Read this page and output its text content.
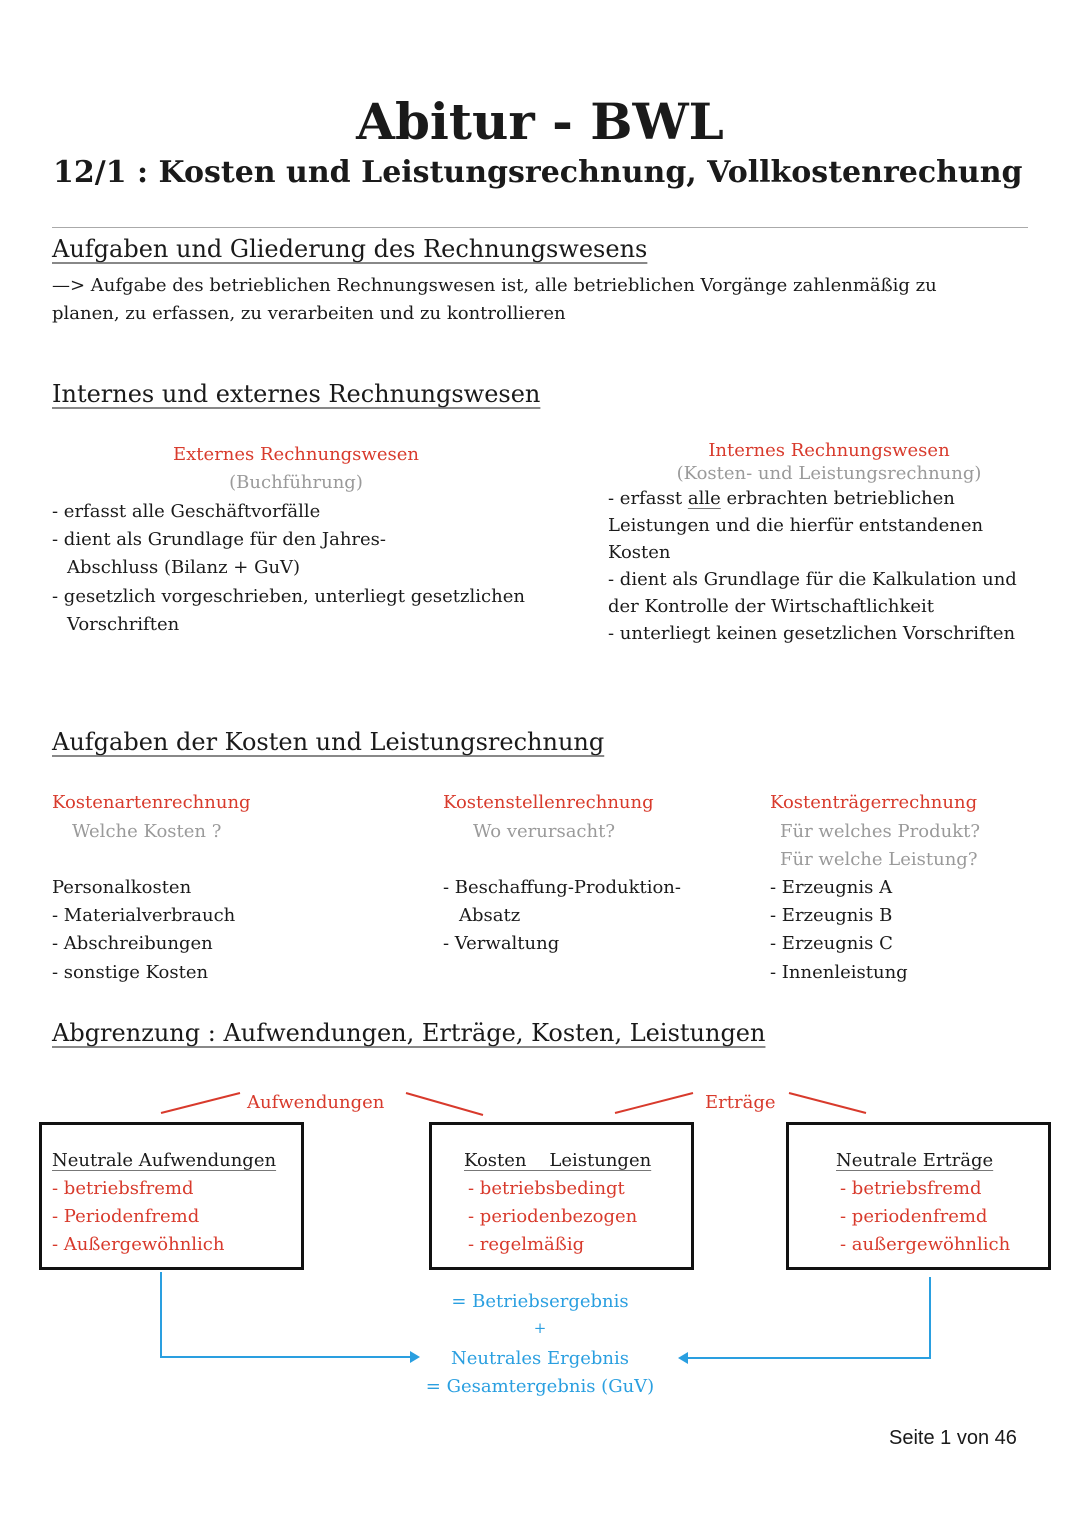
Abitur - BWL
12/1 : Kosten und Leistungsrechnung, Vollkostenrechung
Aufgaben und Gliederung des Rechnungswesens
—> Aufgabe des betrieblichen Rechnungswesen ist, alle betrieblichen Vorgänge zahlenmäßig zu
planen, zu erfassen, zu verarbeiten und zu kontrollieren
Internes und externes Rechnungswesen
Externes Rechnungswesen
(Buchführung)
- erfasst alle Geschäftvorfälle
- dient als Grundlage für den Jahres-
Abschluss (Bilanz + GuV)
- gesetzlich vorgeschrieben, unterliegt gesetzlichen
Vorschriften
Internes Rechnungswesen
(Kosten- und Leistungsrechnung)
- erfasst alle erbrachten betrieblichen
Leistungen und die hierfür entstandenen
Kosten
- dient als Grundlage für die Kalkulation und
der Kontrolle der Wirtschaftlichkeit
- unterliegt keinen gesetzlichen Vorschriften
Aufgaben der Kosten und Leistungsrechnung
Kostenartenrechnung
Welche Kosten ?
Personalkosten
- Materialverbrauch
- Abschreibungen
- sonstige Kosten
Kostenstellenrechnung
Wo verursacht?
- Beschaffung-Produktion-
Absatz
- Verwaltung
Kostenträgerrechnung
Für welches Produkt?
Für welche Leistung?
- Erzeugnis A
- Erzeugnis B
- Erzeugnis C
- Innenleistung
Abgrenzung : Aufwendungen, Erträge, Kosten, Leistungen
Aufwendungen	Erträge
Neutrale Aufwendungen
- betriebsfremd
- Periodenfremd
- Außergewöhnlich
Kosten    Leistungen
- betriebsbedingt
- periodenbezogen
- regelmäßig
Neutrale Erträge
- betriebsfremd
- periodenfremd
- außergewöhnlich
= Betriebsergebnis
+
Neutrales Ergebnis
= Gesamtergebnis (GuV)
Seite 1 von 46
